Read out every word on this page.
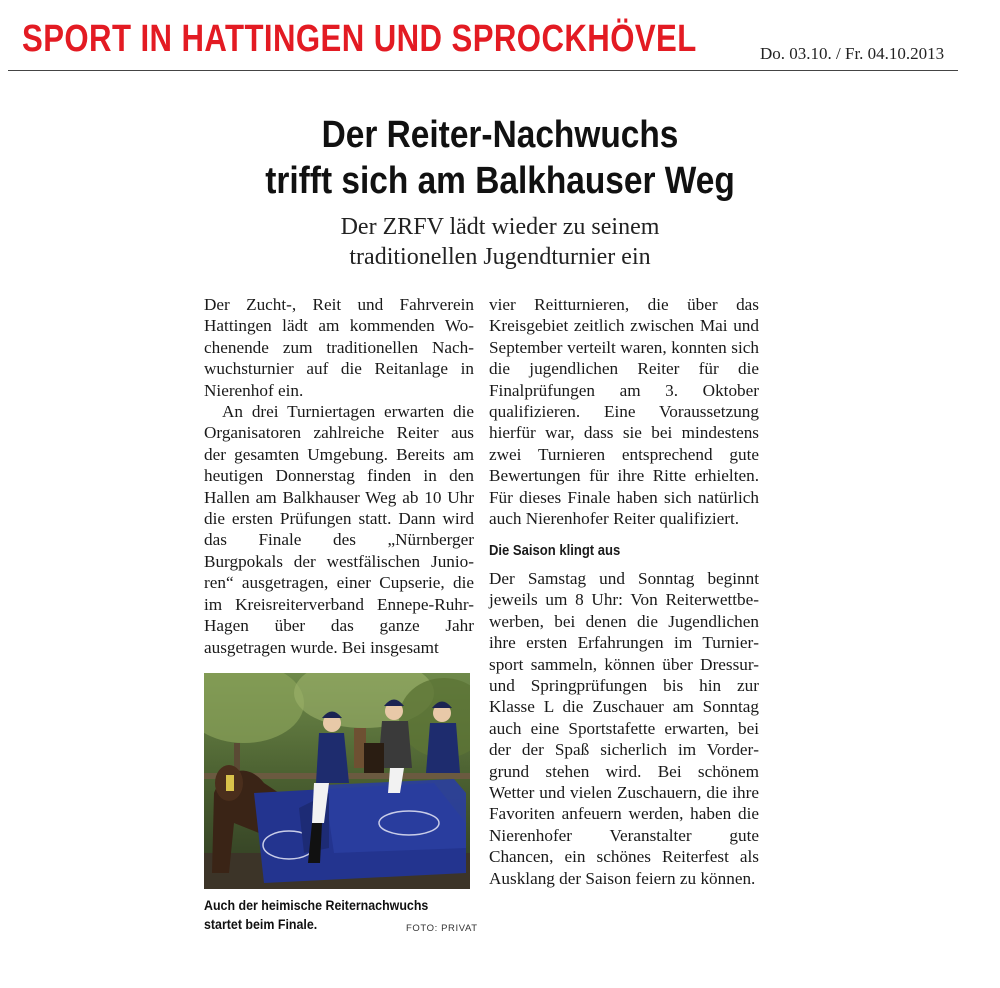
SPORT IN HATTINGEN UND SPROCKHÖVEL	Do. 03.10. / Fr. 04.10.2013
Der Reiter-Nachwuchs
trifft sich am Balkhauser Weg
Der ZRFV lädt wieder zu seinem
traditionellen Jugendturnier ein

Der Zucht-, Reit und Fahrverein Hattingen lädt am kommenden Wochenende zum traditionellen Nachwuchsturnier auf die Reitanlage in Nierenhof ein.

An drei Turniertagen erwarten die Organisatoren zahlreiche Reiter aus der gesamten Umgebung. Bereits am heutigen Donnerstag finden in den Hallen am Balkhauser Weg ab 10 Uhr die ersten Prüfungen statt. Dann wird das Finale des „Nürnberger Burgpokals der westfälischen Junioren“ ausgetragen, einer Cupserie, die im Kreisreiterverband Ennepe-Ruhr-Hagen über das ganze Jahr ausgetragen wurde. Bei insgesamt

vier Reitturnieren, die über das Kreisgebiet zeitlich zwischen Mai und September verteilt waren, konnten sich die jugendlichen Reiter für die Finalprüfungen am 3. Oktober qualifizieren. Eine Voraussetzung hierfür war, dass sie bei mindestens zwei Turnieren entsprechend gute Bewertungen für ihre Ritte erhielten. Für dieses Finale haben sich natürlich auch Nierenhofer Reiter qualifiziert.

Die Saison klingt aus

Der Samstag und Sonntag beginnt jeweils um 8 Uhr: Von Reiterwettbewerben, bei denen die Jugendlichen ihre ersten Erfahrungen im Turniersport sammeln, können über Dressur- und Springprüfungen bis hin zur Klasse L die Zuschauer am Sonntag auch eine Sportstafette erwarten, bei der der Spaß sicherlich im Vordergrund stehen wird. Bei schönem Wetter und vielen Zuschauern, die ihre Favoriten anfeuern werden, haben die Nierenhofer Veranstalter gute Chancen, ein schönes Reiterfest als Ausklang der Saison feiern zu können.

Auch der heimische Reiternachwuchs
startet beim Finale.	FOTO: PRIVAT
